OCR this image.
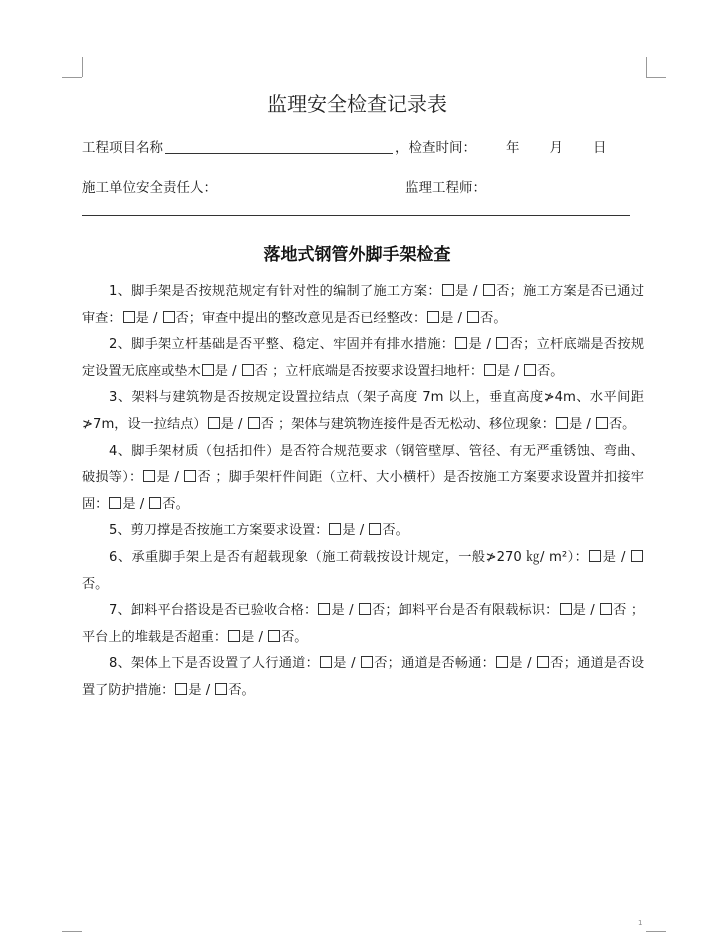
监理安全检查记录表
工程项目名称	，检查时间： 年 月 日
施工单位安全责任人：	监理工程师：
落地式钢管外脚手架检查

1、脚手架是否按规范规定有针对性的编制了施工方案： 是 / 否；施工方案是否已通过审查： 是 / 否；审查中提出的整改意见是否已经整改： 是 / 否。

2、脚手架立杆基础是否平整、稳定、牢固并有排水措施： 是 / 否；立杆底端是否按规定设置无底座或垫木 是 / 否 ；立杆底端是否按要求设置扫地杆： 是 / 否。

3、架料与建筑物是否按规定设置拉结点（架子高度 7m 以上，垂直高度≯4m、水平间距≯7m，设一拉结点） 是 / 否 ；架体与建筑物连接件是否无松动、移位现象： 是 / 否。

4、脚手架材质（包括扣件）是否符合规范要求（钢管壁厚、管径、有无严重锈蚀、弯曲、破损等）： 是 / 否 ；脚手架杆件间距（立杆、大小横杆）是否按施工方案要求设置并扣接牢固： 是 / 否。

5、剪刀撑是否按施工方案要求设置： 是 / 否。

6、承重脚手架上是否有超载现象（施工荷载按设计规定，一般≯270 ㎏/ m²）： 是 / 否。

7、卸料平台搭设是否已验收合格： 是 / 否；卸料平台是否有限载标识： 是 / 否 ；平台上的堆载是否超重： 是 / 否。

8、架体上下是否设置了人行通道： 是 / 否；通道是否畅通： 是 / 否；通道是否设置了防护措施： 是 / 否。

1
